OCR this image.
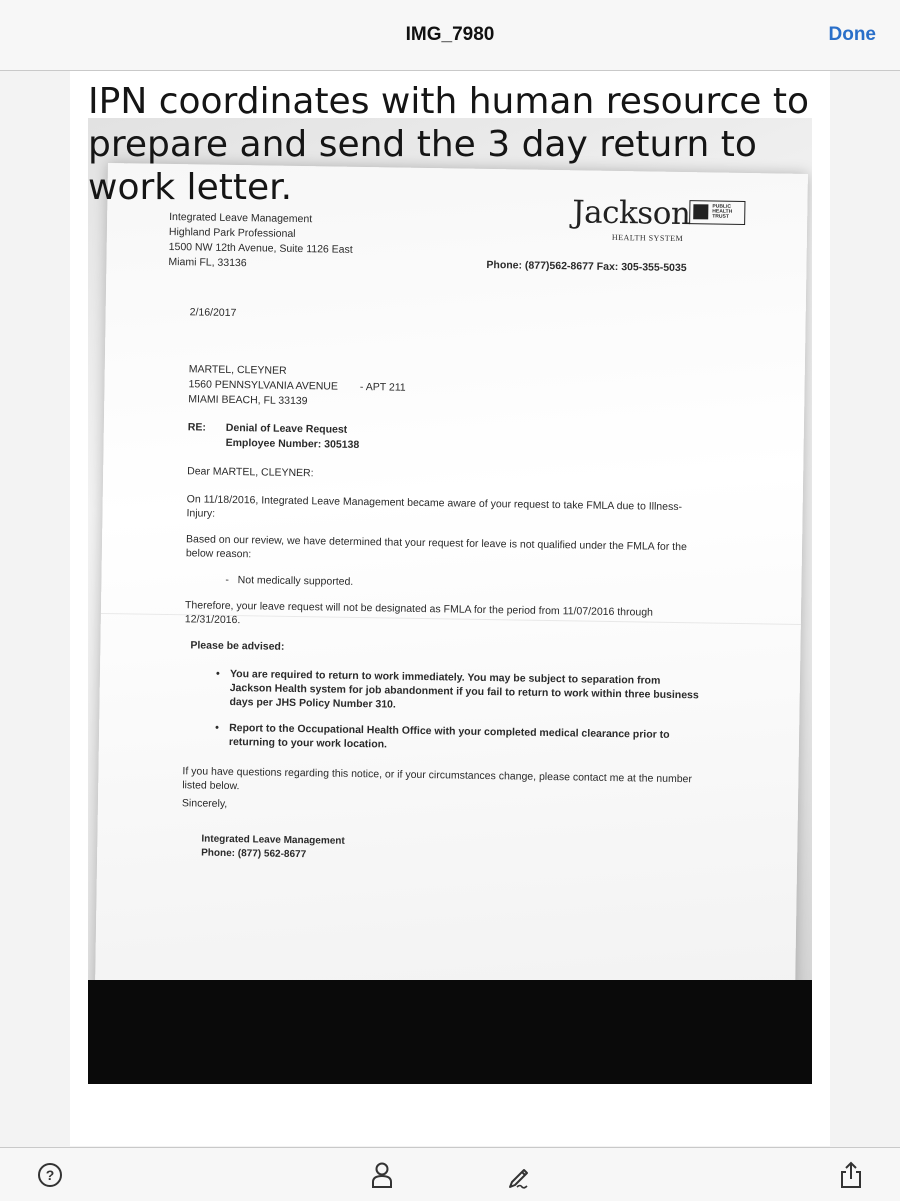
IMG_7980	Done
Integrated Leave Management
Highland Park Professional
1500 NW 12th Avenue, Suite 1126 East
Miami FL, 33136
Jackson	PUBLIC HEALTH TRUST
HEALTH SYSTEM
Phone: (877)562-8677 Fax: 305-355-5035
2/16/2017
MARTEL, CLEYNER
1560 PENNSYLVANIA AVENUE - APT 211
MIAMI BEACH, FL 33139
RE: Denial of Leave Request
Employee Number: 305138
Dear MARTEL, CLEYNER:
On 11/18/2016, Integrated Leave Management became aware of your request to take FMLA due to Illness-Injury:
Based on our review, we have determined that your request for leave is not qualified under the FMLA for the below reason:
-   Not medically supported.
Therefore, your leave request will not be designated as FMLA for the period from 11/07/2016 through 12/31/2016.
Please be advised:
• You are required to return to work immediately. You may be subject to separation from Jackson Health system for job abandonment if you fail to return to work within three business days per JHS Policy Number 310.
• Report to the Occupational Health Office with your completed medical clearance prior to returning to your work location.
If you have questions regarding this notice, or if your circumstances change, please contact me at the number listed below.
Sincerely,
Integrated Leave Management
Phone: (877) 562-8677
IPN coordinates with human resource to prepare and send the 3 day return to work letter.
?
